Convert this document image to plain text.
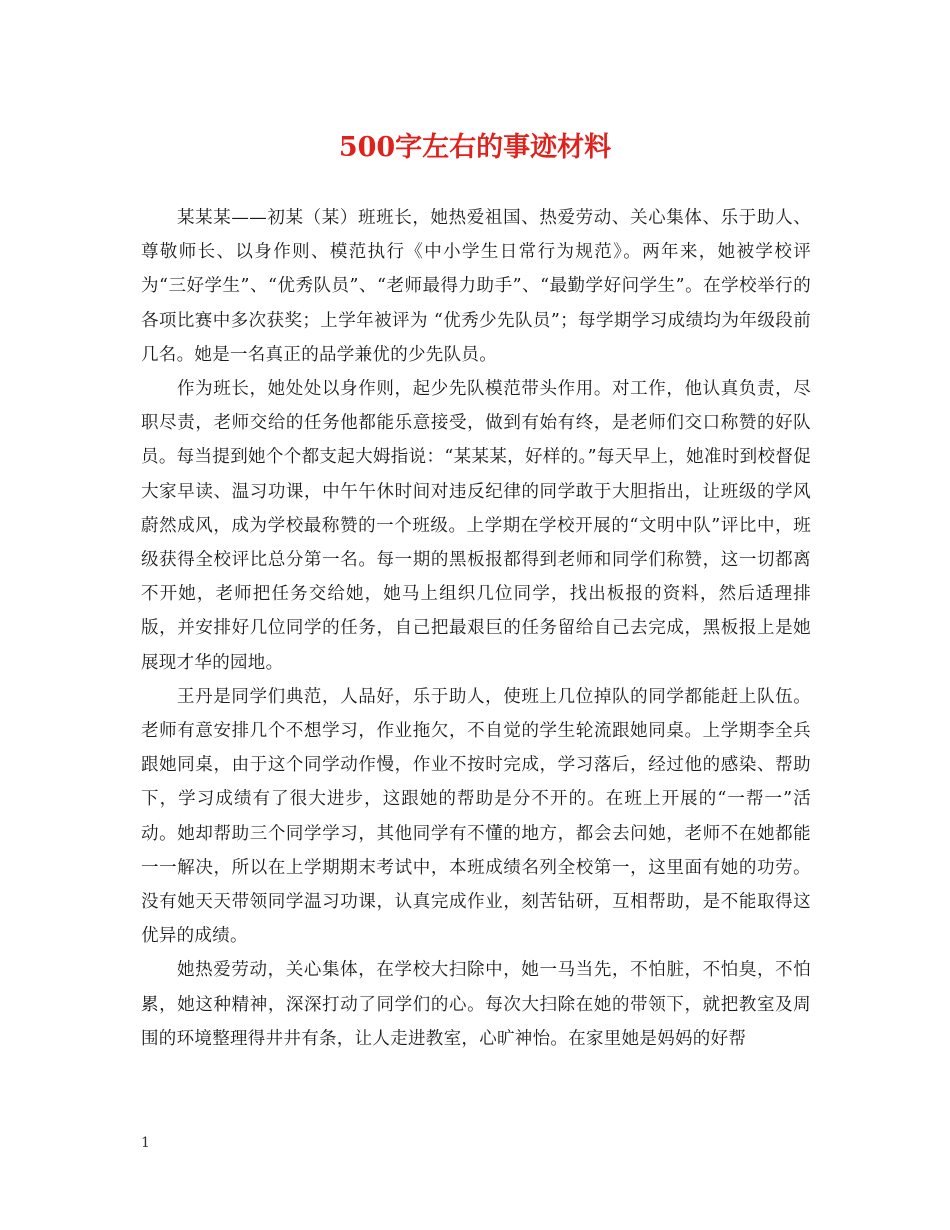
500字左右的事迹材料

某某某——初某（某）班班长，她热爱祖国、热爱劳动、关心集体、乐于助人、尊敬师长、以身作则、模范执行《中小学生日常行为规范》。两年来，她被学校评为“三好学生”、“优秀队员”、“老师最得力助手”、“最勤学好问学生”。在学校举行的各项比赛中多次获奖；上学年被评为 “优秀少先队员”；每学期学习成绩均为年级段前几名。她是一名真正的品学兼优的少先队员。

作为班长，她处处以身作则，起少先队模范带头作用。对工作，他认真负责，尽职尽责，老师交给的任务他都能乐意接受，做到有始有终，是老师们交口称赞的好队员。每当提到她个个都支起大姆指说：“某某某，好样的。”每天早上，她准时到校督促大家早读、温习功课，中午午休时间对违反纪律的同学敢于大胆指出，让班级的学风蔚然成风，成为学校最称赞的一个班级。上学期在学校开展的“文明中队”评比中，班级获得全校评比总分第一名。每一期的黑板报都得到老师和同学们称赞，这一切都离不开她，老师把任务交给她，她马上组织几位同学，找出板报的资料，然后适理排版，并安排好几位同学的任务，自己把最艰巨的任务留给自己去完成，黑板报上是她展现才华的园地。

王丹是同学们典范，人品好，乐于助人，使班上几位掉队的同学都能赶上队伍。老师有意安排几个不想学习，作业拖欠，不自觉的学生轮流跟她同桌。上学期李全兵跟她同桌，由于这个同学动作慢，作业不按时完成，学习落后，经过他的感染、帮助下，学习成绩有了很大进步，这跟她的帮助是分不开的。在班上开展的“一帮一”活动。她却帮助三个同学学习，其他同学有不懂的地方，都会去问她，老师不在她都能一一解决，所以在上学期期末考试中，本班成绩名列全校第一，这里面有她的功劳。没有她天天带领同学温习功课，认真完成作业，刻苦钻研，互相帮助，是不能取得这优异的成绩。

她热爱劳动，关心集体，在学校大扫除中，她一马当先，不怕脏，不怕臭，不怕累，她这种精神，深深打动了同学们的心。每次大扫除在她的带领下，就把教室及周围的环境整理得井井有条，让人走进教室，心旷神怡。在家里她是妈妈的好帮

1
